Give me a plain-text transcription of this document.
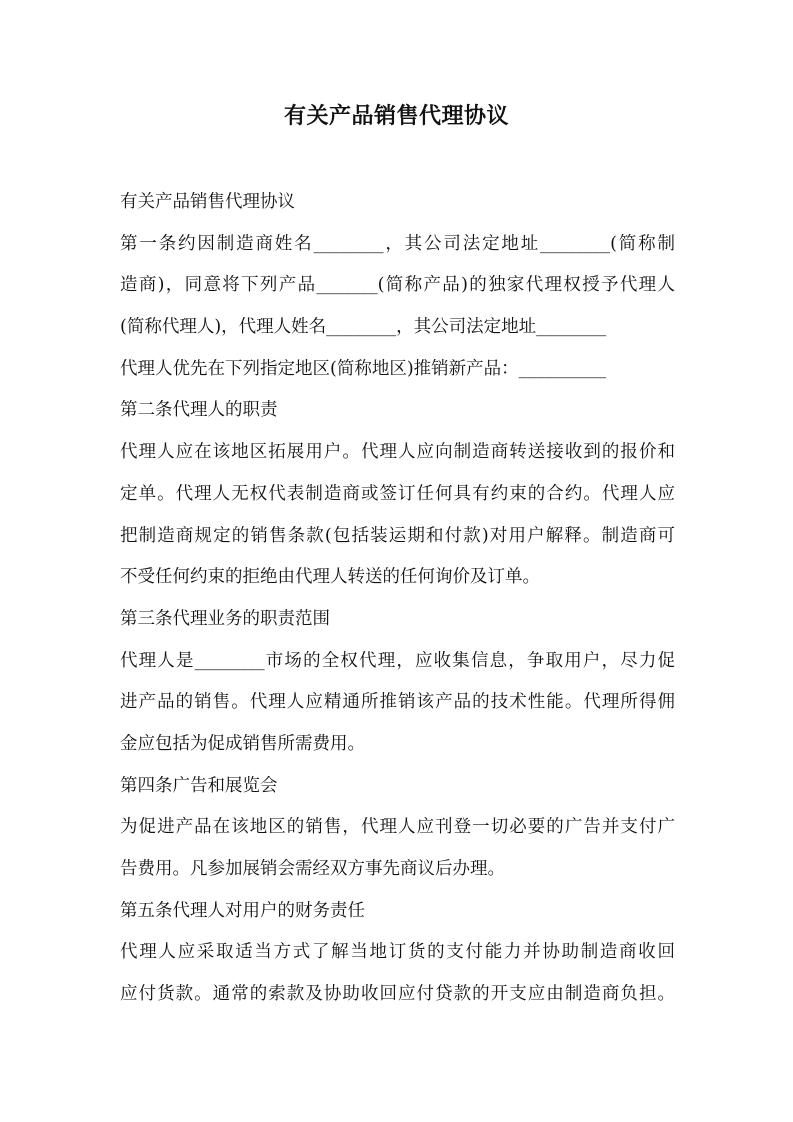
有关产品销售代理协议
有关产品销售代理协议
第一条约因制造商姓名________，其公司法定地址________(简称制
造商)，同意将下列产品_______(简称产品)的独家代理权授予代理人
(简称代理人)，代理人姓名________，其公司法定地址________
代理人优先在下列指定地区(简称地区)推销新产品：__________
第二条代理人的职责
代理人应在该地区拓展用户。代理人应向制造商转送接收到的报价和
定单。代理人无权代表制造商或签订任何具有约束的合约。代理人应
把制造商规定的销售条款(包括装运期和付款)对用户解释。制造商可
不受任何约束的拒绝由代理人转送的任何询价及订单。
第三条代理业务的职责范围
代理人是________市场的全权代理，应收集信息，争取用户，尽力促
进产品的销售。代理人应精通所推销该产品的技术性能。代理所得佣
金应包括为促成销售所需费用。
第四条广告和展览会
为促进产品在该地区的销售，代理人应刊登一切必要的广告并支付广
告费用。凡参加展销会需经双方事先商议后办理。
第五条代理人对用户的财务责任
代理人应采取适当方式了解当地订货的支付能力并协助制造商收回
应付货款。通常的索款及协助收回应付贷款的开支应由制造商负担。
